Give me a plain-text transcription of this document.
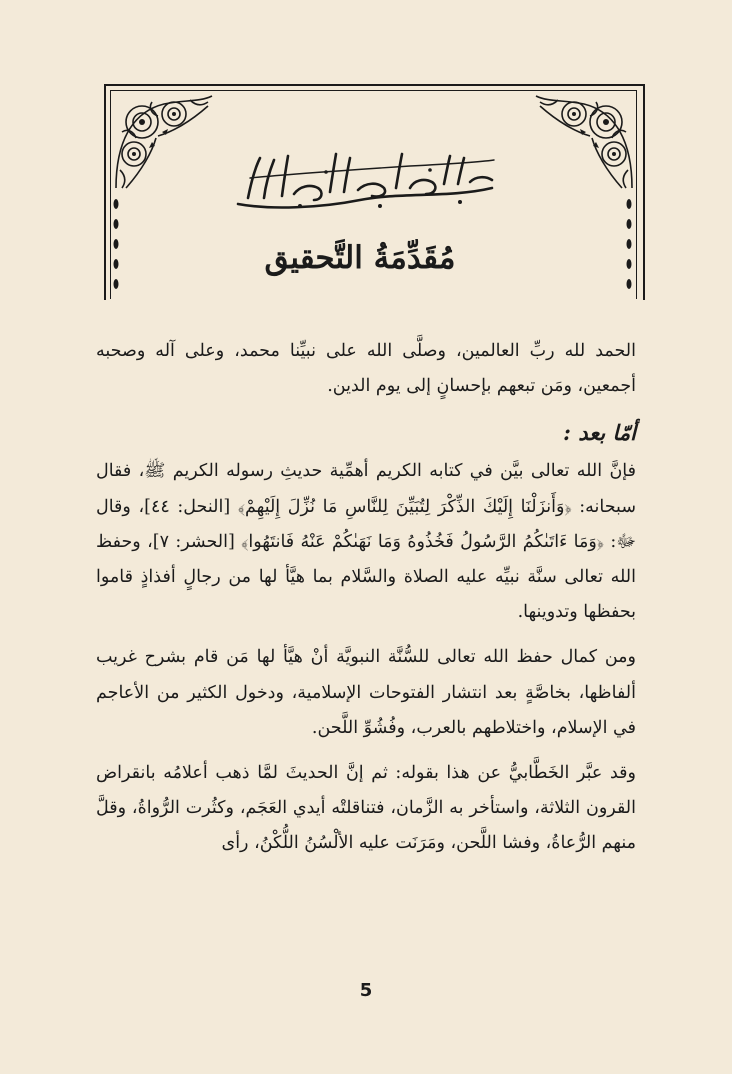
مُقَدِّمَةُ التَّحقيق

الحمد لله ربِّ العالمين، وصلَّى الله على نبيِّنا محمد، وعلى آله وصحبه أجمعين، ومَن تبعهم بإحسانٍ إلى يوم الدين.

فإنَّ الله تعالى بيَّن في كتابه الكريم أهمِّية حديثِ رسوله الكريم ﷺ، فقال سبحانه: ﴿وَأَنزَلْنَا إِلَيْكَ الذِّكْرَ لِتُبَيِّنَ لِلنَّاسِ مَا نُزِّلَ إِلَيْهِمْ﴾ [النحل: ٤٤]، وقال ﷻ: ﴿وَمَا ءَاتَىٰكُمُ الرَّسُولُ فَخُذُوهُ وَمَا نَهَىٰكُمْ عَنْهُ فَانتَهُوا﴾ [الحشر: ٧]، وحفظ الله تعالى سنَّة نبيِّه عليه الصلاة والسَّلام بما هيَّأ لها من رجالٍ أفذاذٍ قاموا بحفظها وتدوينها.

ومن كمال حفظ الله تعالى للسُّنَّة النبويَّة أنْ هيَّأ لها مَن قام بشرح غريب ألفاظها، بخاصَّةٍ بعد انتشار الفتوحات الإسلامية، ودخول الكثير من الأعاجم في الإسلام، واختلاطهم بالعرب، وفُشُوِّ اللَّحن.

وقد عبَّر الخَطَّابيُّ عن هذا بقوله: ثم إنَّ الحديثَ لمَّا ذهب أعلامُه بانقراض القرون الثلاثة، واستأخر به الزَّمان، فتناقلتْه أيدي العَجَم، وكثُرت الرُّواةُ، وقلَّ منهم الرُّعاةُ، وفشا اللَّحن، ومَرَنَت عليه الألْسُنُ اللُّكْنُ، رأى

أمّا بعد :
5
